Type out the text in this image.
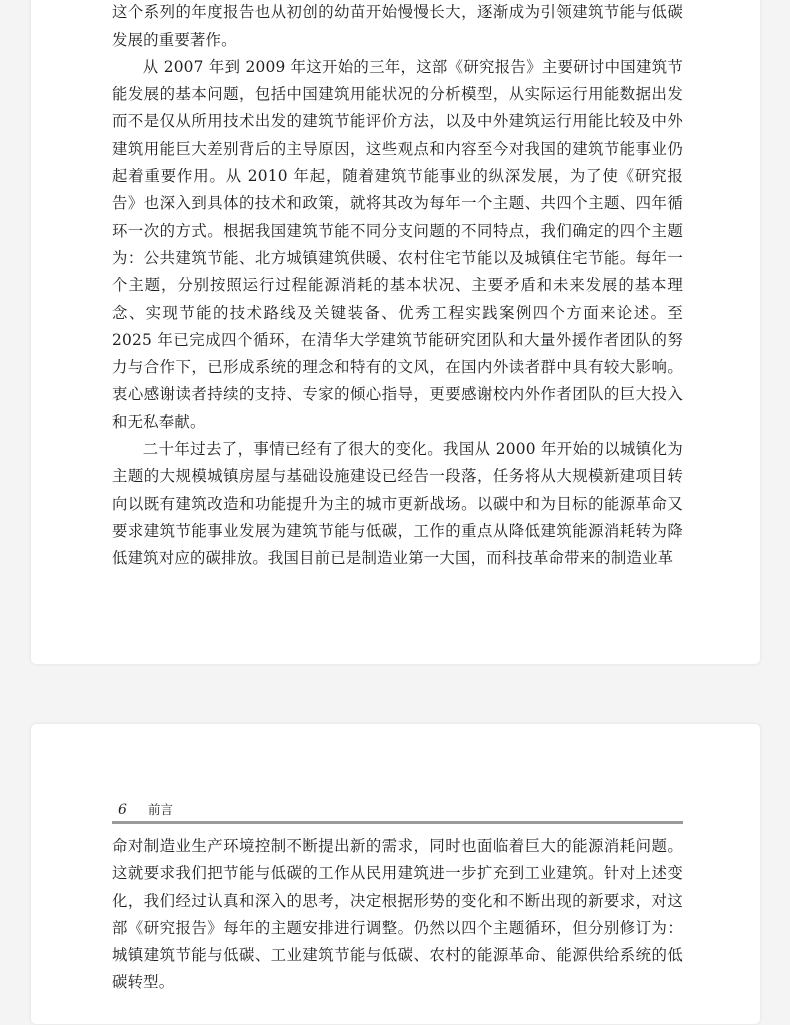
这个系列的年度报告也从初创的幼苗开始慢慢长大，逐渐成为引领建筑节能与低碳发展的重要著作。

从 2007 年到 2009 年这开始的三年，这部《研究报告》主要研讨中国建筑节能发展的基本问题，包括中国建筑用能状况的分析模型，从实际运行用能数据出发而不是仅从所用技术出发的建筑节能评价方法，以及中外建筑运行用能比较及中外建筑用能巨大差别背后的主导原因，这些观点和内容至今对我国的建筑节能事业仍起着重要作用。从 2010 年起，随着建筑节能事业的纵深发展，为了使《研究报告》也深入到具体的技术和政策，就将其改为每年一个主题、共四个主题、四年循环一次的方式。根据我国建筑节能不同分支问题的不同特点，我们确定的四个主题为：公共建筑节能、北方城镇建筑供暖、农村住宅节能以及城镇住宅节能。每年一个主题，分别按照运行过程能源消耗的基本状况、主要矛盾和未来发展的基本理念、实现节能的技术路线及关键装备、优秀工程实践案例四个方面来论述。至 2025 年已完成四个循环，在清华大学建筑节能研究团队和大量外援作者团队的努力与合作下，已形成系统的理念和特有的文风，在国内外读者群中具有较大影响。衷心感谢读者持续的支持、专家的倾心指导，更要感谢校内外作者团队的巨大投入和无私奉献。

二十年过去了，事情已经有了很大的变化。我国从 2000 年开始的以城镇化为主题的大规模城镇房屋与基础设施建设已经告一段落，任务将从大规模新建项目转向以既有建筑改造和功能提升为主的城市更新战场。以碳中和为目标的能源革命又要求建筑节能事业发展为建筑节能与低碳，工作的重点从降低建筑能源消耗转为降低建筑对应的碳排放。我国目前已是制造业第一大国，而科技革命带来的制造业革

6 前言

命对制造业生产环境控制不断提出新的需求，同时也面临着巨大的能源消耗问题。这就要求我们把节能与低碳的工作从民用建筑进一步扩充到工业建筑。针对上述变化，我们经过认真和深入的思考，决定根据形势的变化和不断出现的新要求，对这部《研究报告》每年的主题安排进行调整。仍然以四个主题循环，但分别修订为：城镇建筑节能与低碳、工业建筑节能与低碳、农村的能源革命、能源供给系统的低碳转型。
